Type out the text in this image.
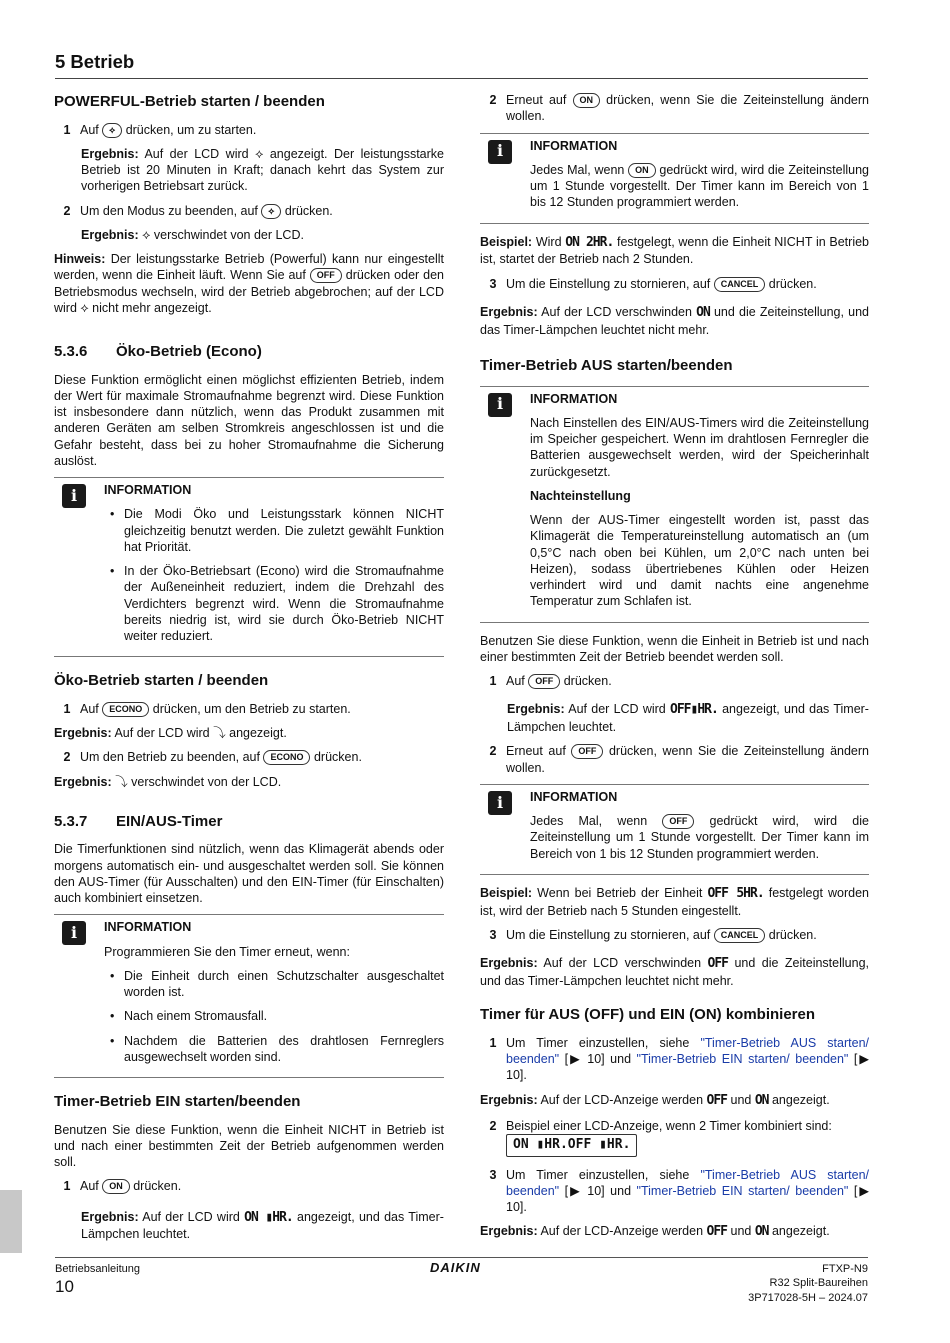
5 Betrieb
POWERFUL-Betrieb starten / beenden
1 Auf ⟡ drücken, um zu starten.

Ergebnis: Auf der LCD wird ⟡ angezeigt. Der leistungsstarke Betrieb ist 20 Minuten in Kraft; danach kehrt das System zur vorherigen Betriebsart zurück.

2 Um den Modus zu beenden, auf ⟡ drücken.

Ergebnis: ⟡ verschwindet von der LCD.

Hinweis: Der leistungsstarke Betrieb (Powerful) kann nur eingestellt werden, wenn die Einheit läuft. Wenn Sie auf OFF drücken oder den Betriebsmodus wechseln, wird der Betrieb abgebrochen; auf der LCD wird ⟡ nicht mehr angezeigt.

5.3.6 Öko-Betrieb (Econo)

Diese Funktion ermöglicht einen möglichst effizienten Betrieb, indem der Wert für maximale Stromaufnahme begrenzt wird. Diese Funktion ist insbesondere dann nützlich, wenn das Produkt zusammen mit anderen Geräten am selben Stromkreis angeschlossen ist und die Gefahr besteht, dass bei zu hoher Stromaufnahme die Sicherung auslöst.

i	INFORMATION
• Die Modi Öko und Leistungsstark können NICHT gleichzeitig benutzt werden. Die zuletzt gewählt Funktion hat Priorität.
• In der Öko-Betriebsart (Econo) wird die Stromaufnahme der Außeneinheit reduziert, indem die Drehzahl des Verdichters begrenzt wird. Wenn die Stromaufnahme bereits niedrig ist, wird sie durch Öko-Betrieb NICHT weiter reduziert.
Öko-Betrieb starten / beenden
1 Auf ECONO drücken, um den Betrieb zu starten.

Ergebnis: Auf der LCD wird ⤵ angezeigt.

2 Um den Betrieb zu beenden, auf ECONO drücken.

Ergebnis: ⤵ verschwindet von der LCD.

5.3.7 EIN/AUS-Timer

Die Timerfunktionen sind nützlich, wenn das Klimagerät abends oder morgens automatisch ein- und ausgeschaltet werden soll. Sie können den AUS-Timer (für Ausschalten) und den EIN-Timer (für Einschalten) auch kombiniert einsetzen.

i	INFORMATION

Programmieren Sie den Timer erneut, wenn:

• Die Einheit durch einen Schutzschalter ausgeschaltet worden ist.
• Nach einem Stromausfall.
• Nachdem die Batterien des drahtlosen Fernreglers ausgewechselt worden sind.
Timer-Betrieb EIN starten/beenden

Benutzen Sie diese Funktion, wenn die Einheit NICHT in Betrieb ist und nach einer bestimmten Zeit der Betrieb aufgenommen werden soll.

1 Auf ON drücken.

Ergebnis: Auf der LCD wird ON ▮HR. angezeigt, und das Timer-Lämpchen leuchtet.

2 Erneut auf ON drücken, wenn Sie die Zeiteinstellung ändern wollen.
i	INFORMATION

Jedes Mal, wenn ON gedrückt wird, wird die Zeiteinstellung um 1 Stunde vorgestellt. Der Timer kann im Bereich von 1 bis 12 Stunden programmiert werden.

Beispiel: Wird ON 2HR. festgelegt, wenn die Einheit NICHT in Betrieb ist, startet der Betrieb nach 2 Stunden.

3 Um die Einstellung zu stornieren, auf CANCEL drücken.

Ergebnis: Auf der LCD verschwinden ON und die Zeiteinstellung, und das Timer-Lämpchen leuchtet nicht mehr.

Timer-Betrieb AUS starten/beenden
i	INFORMATION

Nach Einstellen des EIN/AUS-Timers wird die Zeiteinstellung im Speicher gespeichert. Wenn im drahtlosen Fernregler die Batterien ausgewechselt werden, wird der Speicherinhalt zurückgesetzt.

Nachteinstellung

Wenn der AUS-Timer eingestellt worden ist, passt das Klimagerät die Temperatureinstellung automatisch an (um 0,5°C nach oben bei Kühlen, um 2,0°C nach unten bei Heizen), sodass übertriebenes Kühlen oder Heizen verhindert wird und damit nachts eine angenehme Temperatur zum Schlafen ist.

Benutzen Sie diese Funktion, wenn die Einheit in Betrieb ist und nach einer bestimmten Zeit der Betrieb beendet werden soll.

1 Auf OFF drücken.

Ergebnis: Auf der LCD wird OFF▮HR. angezeigt, und das Timer-Lämpchen leuchtet.

2 Erneut auf OFF drücken, wenn Sie die Zeiteinstellung ändern wollen.
i	INFORMATION

Jedes Mal, wenn OFF gedrückt wird, wird die Zeiteinstellung um 1 Stunde vorgestellt. Der Timer kann im Bereich von 1 bis 12 Stunden programmiert werden.

Beispiel: Wenn bei Betrieb der Einheit OFF 5HR. festgelegt worden ist, wird der Betrieb nach 5 Stunden eingestellt.

3 Um die Einstellung zu stornieren, auf CANCEL drücken.

Ergebnis: Auf der LCD verschwinden OFF und die Zeiteinstellung, und das Timer-Lämpchen leuchtet nicht mehr.

Timer für AUS (OFF) und EIN (ON) kombinieren
1 Um Timer einzustellen, siehe "Timer-Betrieb AUS starten/ beenden" [▶ 10] und "Timer-Betrieb EIN starten/ beenden" [▶ 10].

Ergebnis: Auf der LCD-Anzeige werden OFF und ON angezeigt.

2 Beispiel einer LCD-Anzeige, wenn 2 Timer kombiniert sind:
ON ▮HR.OFF ▮HR.
3 Um Timer einzustellen, siehe "Timer-Betrieb AUS starten/ beenden" [▶ 10] und "Timer-Betrieb EIN starten/ beenden" [▶ 10].

Ergebnis: Auf der LCD-Anzeige werden OFF und ON angezeigt.

Betriebsanleitung
10
DAIKIN	FTXP-N9
R32 Split-Baureihen
3P717028-5H – 2024.07
